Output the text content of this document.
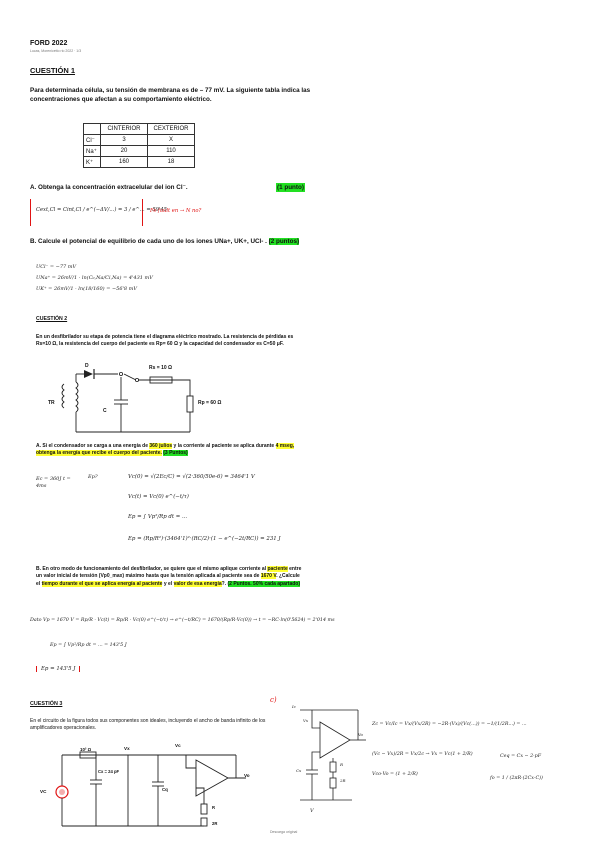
FORD 2022
Lucas, Morenicetto rio 2022 · 1/3
CUESTIÓN 1
Para determinada célula, su tensión de membrana es de – 77 mV. La siguiente tabla indica las concentraciones que afectan a su comportamiento eléctrico.
	CINTERIOR	CEXTERIOR
Cl⁻	3	X
Na⁺	20	110
K⁺	160	18
A. Obtenga la concentración extracelular del ion Cl⁻.	(1 punto)
Cext,Cl = Cint,Cl / e^(−ΔV/...) = 3 / e^... = 59'45
Fe fault en → N no?
B. Calcule el potencial de equilibrio de cada uno de los iones UNa+, UK+, UCl- . (2 puntos)
UCl⁻ = −77 mV
UNa⁺ = 26mV/1 · ln(C₀,Na/Ci,Na) = 4'431 mV
UK⁺ = 26mV/1 · ln(18/160) = −56'8 mV
CUESTIÓN 2
En un desfibrilador su etapa de potencia tiene el diagrama eléctrico mostrado. La resistencia de pérdidas es Rs=10 Ω, la resistencia del cuerpo del paciente es Rp= 60 Ω y la capacidad del condensador es C=50 μF.
D	Rs = 10 Ω
Rp = 60 Ω
TR
C
A. Si el condensador se carga a una energía de 360 julios y la corriente al paciente se aplica durante 4 mseg, obtenga la energía que recibe el cuerpo del paciente. (3 Puntos)
Ec = 360J t = 4ms
Ep?	Vc(0) = √(2Ec/C) = √(2·360/50e-6) = 3464'1 V
Vc(t) = Vc(0) e^(−t/τ)
Ep = ∫ Vp²/Rp dt = ...
Ep = (Rp/R²)·(3464'1)²·(RC/2)·(1 − e^(−2t/RC)) = 231 J
B. En otro modo de funcionamiento del desfibrilador, se quiere que el mismo aplique corriente al paciente entre un valor inicial de tensión (Vp0_max) máximo hasta que la tensión aplicada al paciente sea de 1670 V. ¿Calcule el tiempo durante el que se aplica energía al paciente y el valor de esa energía?. (2 Puntos. 50% cada apartado)
Dato Vp = 1670 V = Rp/R · Vc(t) = Rp/R · Vc(0) e^(−t/τ) → e^(−t/RC) = 1670/(Rp/R·Vc(0)) → t = −RC·ln(0'5624) = 2'014 ms
Ep = ∫ Vp²/Rp dt = ... = 143'5 J
Ep = 143'5 J
CUESTIÓN 3
En el circuito de la figura todos sus componentes son ideales, incluyendo el ancho de banda infinito de los amplificadores operacionales.
10³ Ω
Cx = 24 pF
Vx
Vc
Vo
VC	Cq
R
2R
c)
Ic
Vx
Vo
Cx
R
2R
V
Zc = Vc/Ic = Vx/(Vx/2R) = −2R·(Vx)/(Vc(...)) = −1/(1/2R...) = ...
(Vc − Vx)/2R = Vx/2c → Vx = Vc(1 + 2/R)
Vco·Vo = (1 + 2/R)
Ceq = Cx − 2·pF
fo = 1 / (2πR·(2Cx·C))
Descarga original
